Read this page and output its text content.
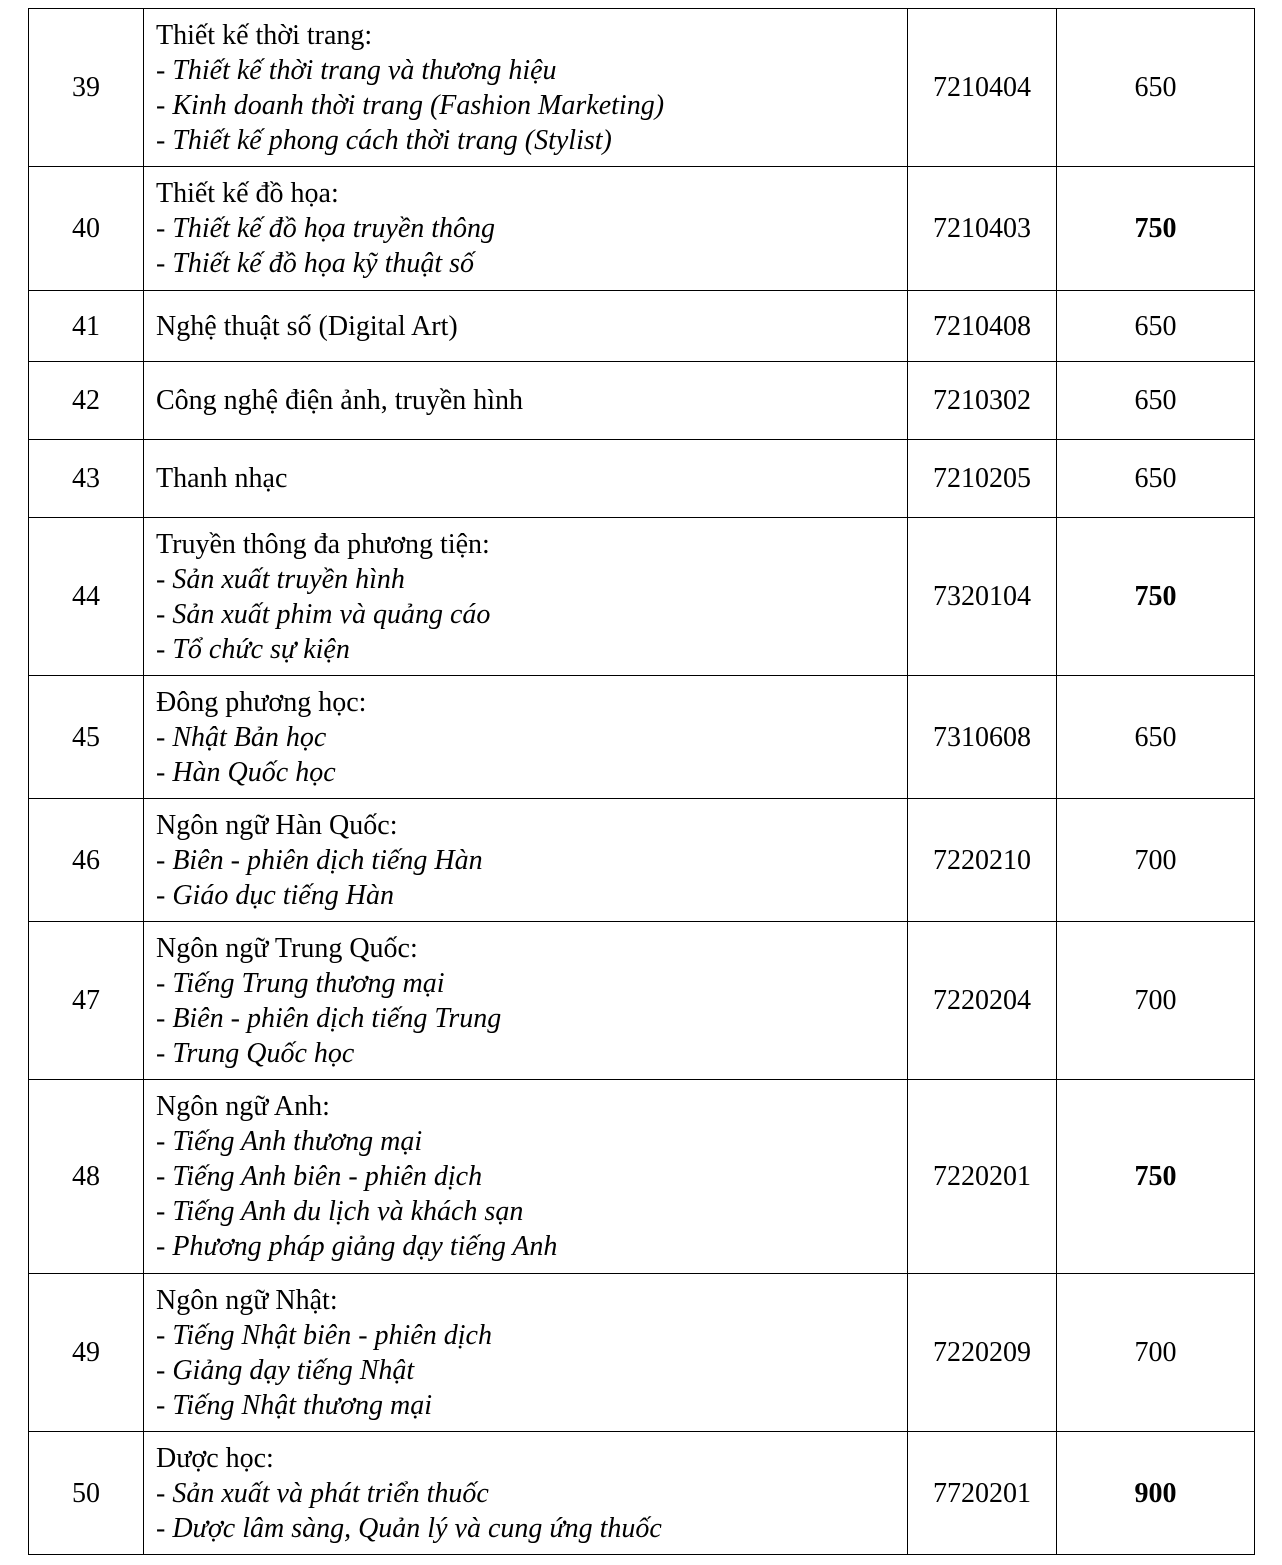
39	Thiết kế thời trang:
- Thiết kế thời trang và thương hiệu
- Kinh doanh thời trang (Fashion Marketing)
- Thiết kế phong cách thời trang (Stylist)	7210404	650
40	Thiết kế đồ họa:
- Thiết kế đồ họa truyền thông
- Thiết kế đồ họa kỹ thuật số	7210403	750
41	Nghệ thuật số (Digital Art)	7210408	650
42	Công nghệ điện ảnh, truyền hình	7210302	650
43	Thanh nhạc	7210205	650
44	Truyền thông đa phương tiện:
- Sản xuất truyền hình
- Sản xuất phim và quảng cáo
- Tổ chức sự kiện	7320104	750
45	Đông phương học:
- Nhật Bản học
- Hàn Quốc học	7310608	650
46	Ngôn ngữ Hàn Quốc:
- Biên - phiên dịch tiếng Hàn
- Giáo dục tiếng Hàn	7220210	700
47	Ngôn ngữ Trung Quốc:
- Tiếng Trung thương mại
- Biên - phiên dịch tiếng Trung
- Trung Quốc học	7220204	700
48	Ngôn ngữ Anh:
- Tiếng Anh thương mại
- Tiếng Anh biên - phiên dịch
- Tiếng Anh du lịch và khách sạn
- Phương pháp giảng dạy tiếng Anh	7220201	750
49	Ngôn ngữ Nhật:
- Tiếng Nhật biên - phiên dịch
- Giảng dạy tiếng Nhật
- Tiếng Nhật thương mại	7220209	700
50	Dược học:
- Sản xuất và phát triển thuốc
- Dược lâm sàng, Quản lý và cung ứng thuốc	7720201	900
